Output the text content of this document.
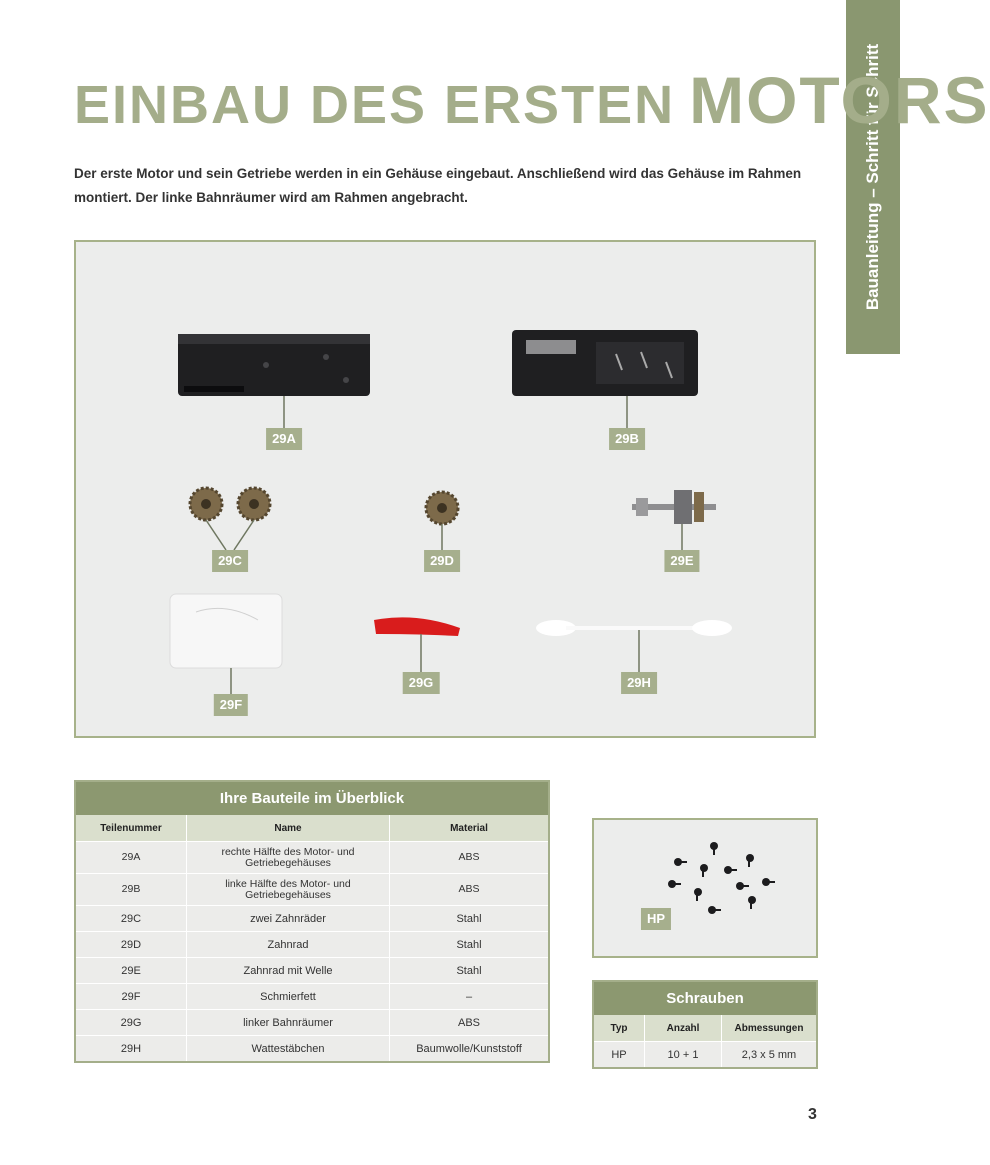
Bauanleitung – Schritt für Schritt
EINBAU DES ERSTEN MOTORS

Der erste Motor und sein Getriebe werden in ein Gehäuse eingebaut. Anschließend wird das Gehäuse im Rahmen montiert. Der linke Bahnräumer wird am Rahmen angebracht.

29A	29B
29C	29D	29E
29F
29G	29H
Ihre Bauteile im Überblick		
Teilenummer	Name	Material
29A	rechte Hälfte des Motor- und Getriebegehäuses	ABS
29B	linke Hälfte des Motor- und Getriebegehäuses	ABS
29C	zwei Zahnräder	Stahl
29D	Zahnrad	Stahl
29E	Zahnrad mit Welle	Stahl
29F	Schmierfett	–
29G	linker Bahnräumer	ABS
29H	Wattestäbchen	Baumwolle/Kunststoff
HP
Schrauben		
Typ	Anzahl	Abmessungen
HP	10 + 1	2,3 x 5 mm
3
